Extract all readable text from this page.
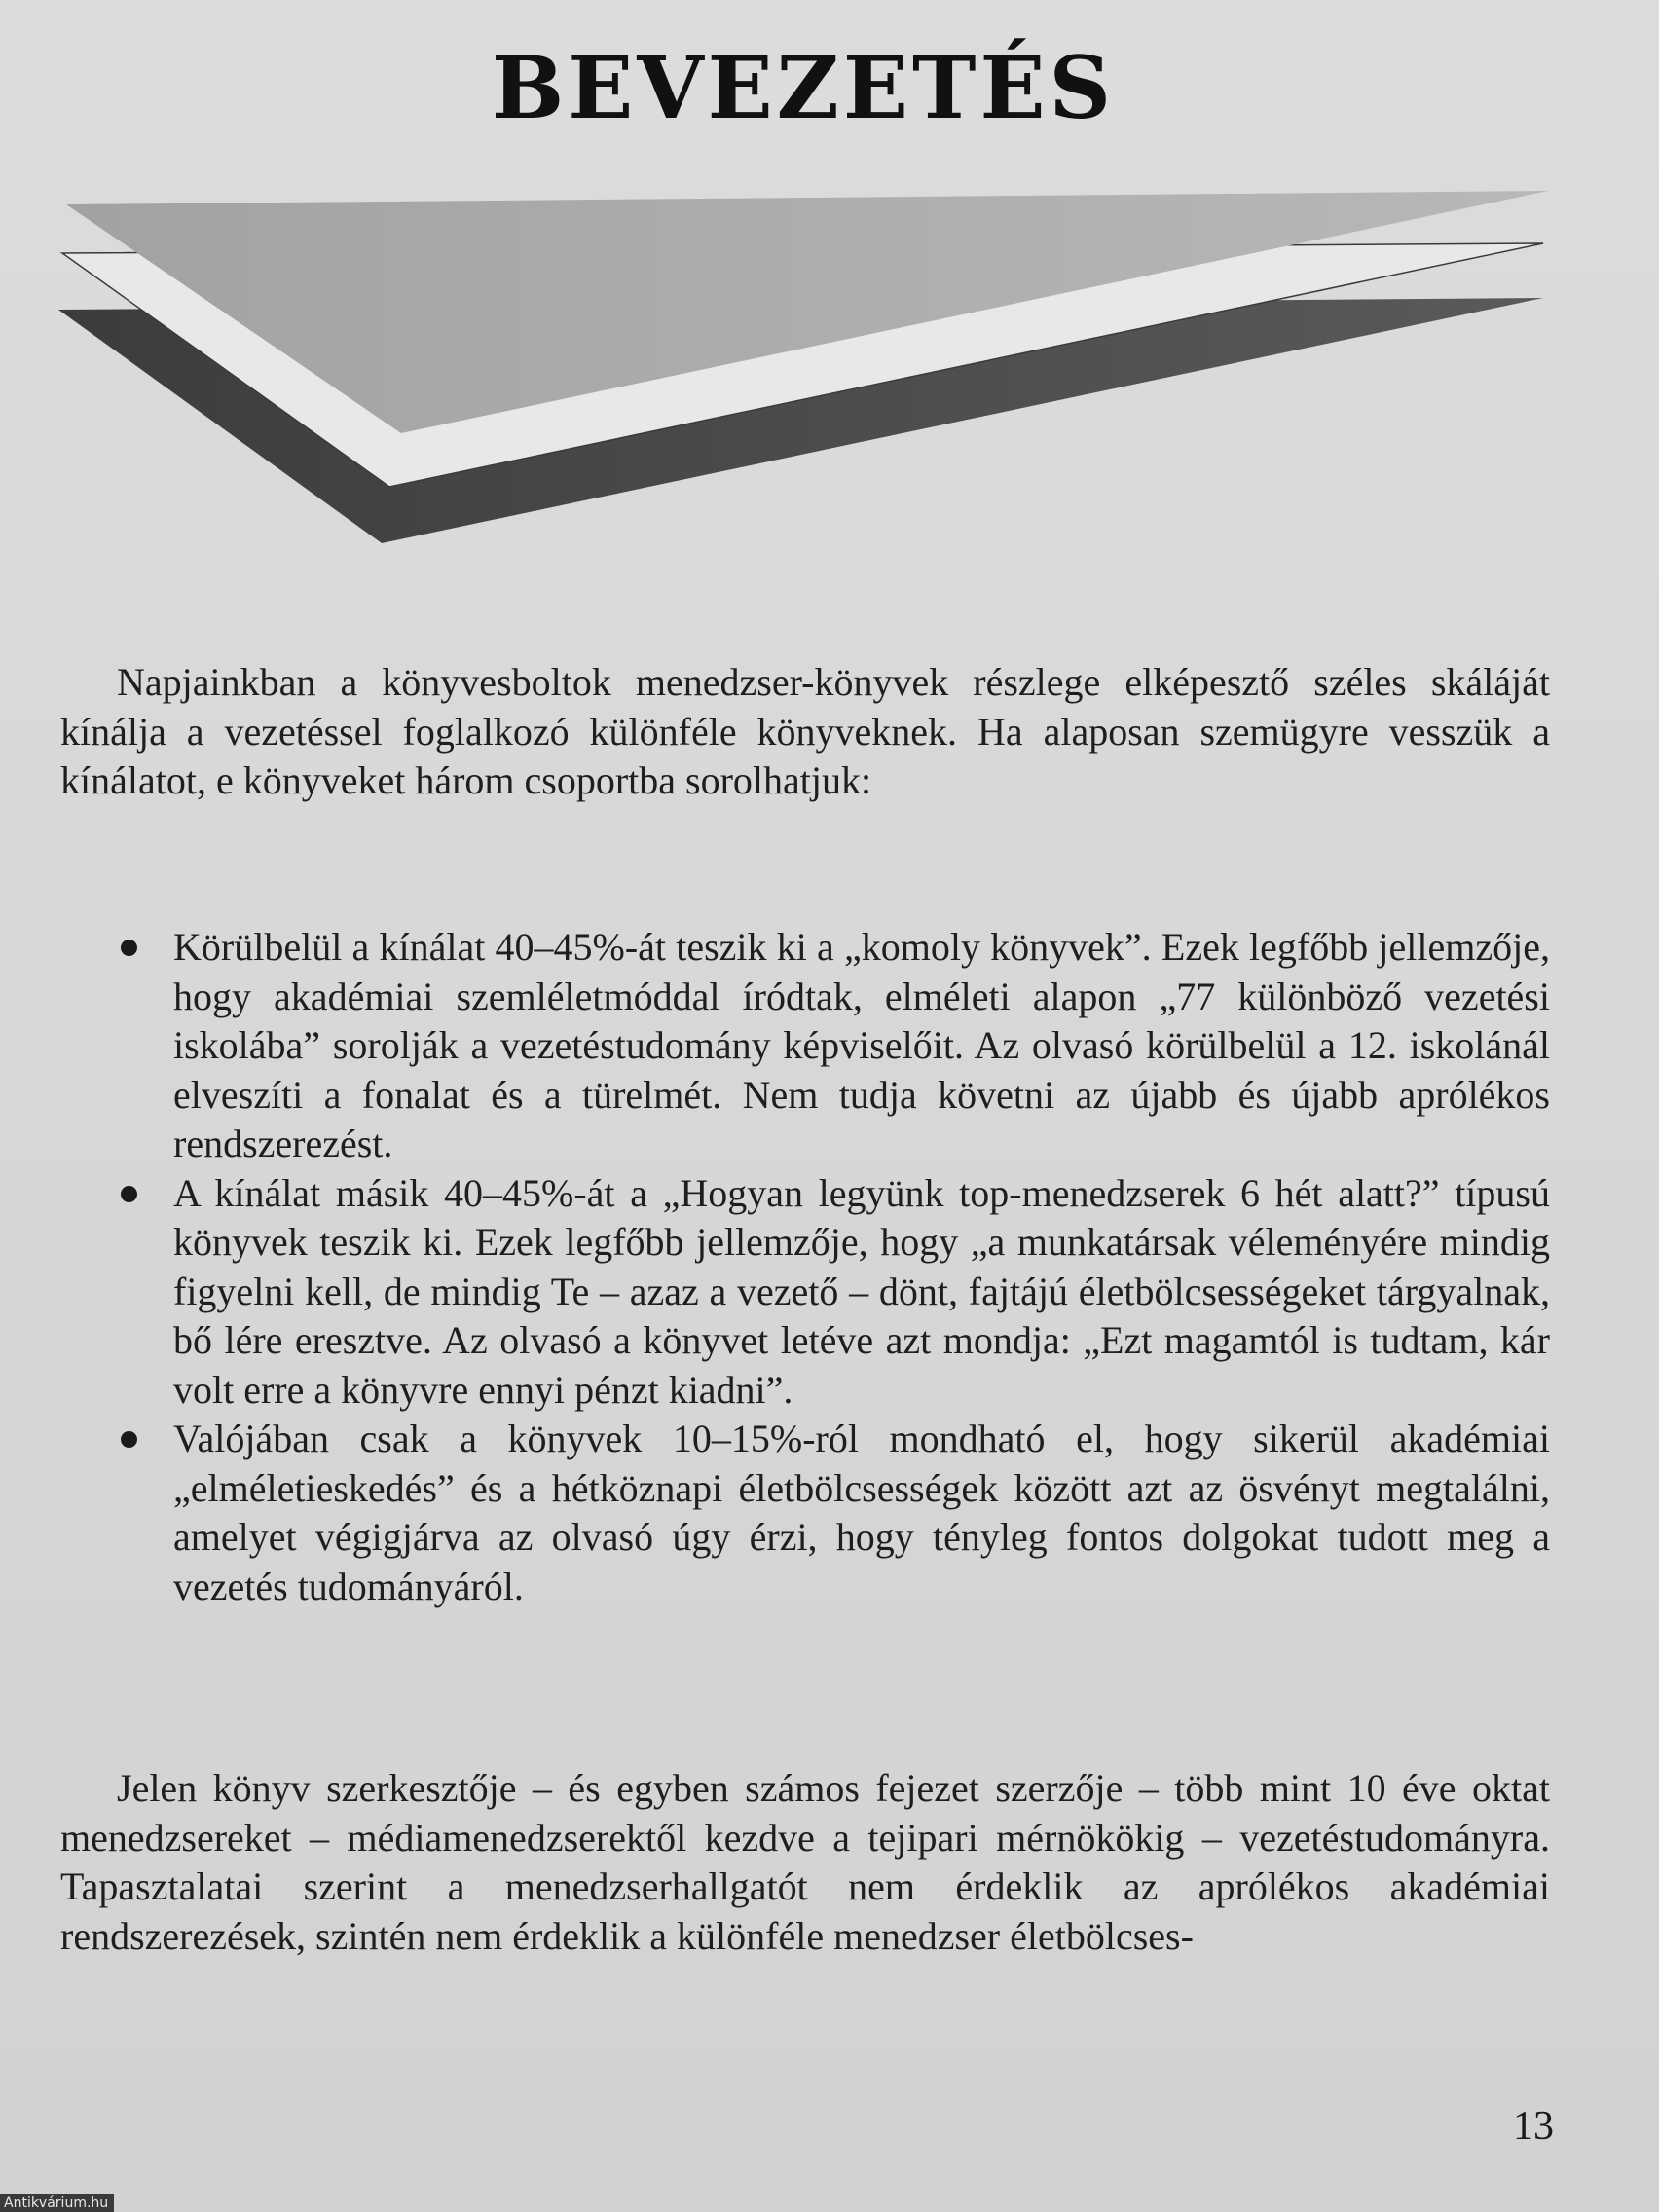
BEVEZETÉS

Napjainkban a könyvesboltok menedzser-könyvek részlege elképesztő széles skáláját kínálja a vezetéssel foglalkozó különféle könyveknek. Ha alaposan szemügyre vesszük a kínálatot, e könyveket három csoportba sorolhatjuk:

Körülbelül a kínálat 40–45%-át teszik ki a „komoly könyvek”. Ezek legfőbb jellemzője, hogy akadémiai szemléletmóddal íródtak, elméleti alapon „77 különböző vezetési iskolába” sorolják a vezetéstudomány képviselőit. Az olvasó körülbelül a 12. iskolánál elveszíti a fonalat és a türelmét. Nem tudja követni az újabb és újabb aprólékos rendszerezést.
A kínálat másik 40–45%-át a „Hogyan legyünk top-menedzserek 6 hét alatt?” típusú könyvek teszik ki. Ezek legfőbb jellemzője, hogy „a munkatársak véleményére mindig figyelni kell, de mindig Te – azaz a vezető – dönt, fajtájú életbölcsességeket tárgyalnak, bő lére eresztve. Az olvasó a könyvet letéve azt mondja: „Ezt magamtól is tudtam, kár volt erre a könyvre ennyi pénzt kiadni”.
Valójában csak a könyvek 10–15%-ról mondható el, hogy sikerül akadémiai „elméletieskedés” és a hétköznapi életbölcsességek között azt az ösvényt megtalálni, amelyet végigjárva az olvasó úgy érzi, hogy tényleg fontos dolgokat tudott meg a vezetés tudományáról.

Jelen könyv szerkesztője – és egyben számos fejezet szerzője – több mint 10 éve oktat menedzsereket – médiamenedzserektől kezdve a tejipari mérnökökig – vezetéstudományra. Tapasztalatai szerint a menedzserhallgatót nem érdeklik az aprólékos akadémiai rendszerezések, szintén nem érdeklik a különféle menedzser életbölcses-

13
Antikvárium.hu
